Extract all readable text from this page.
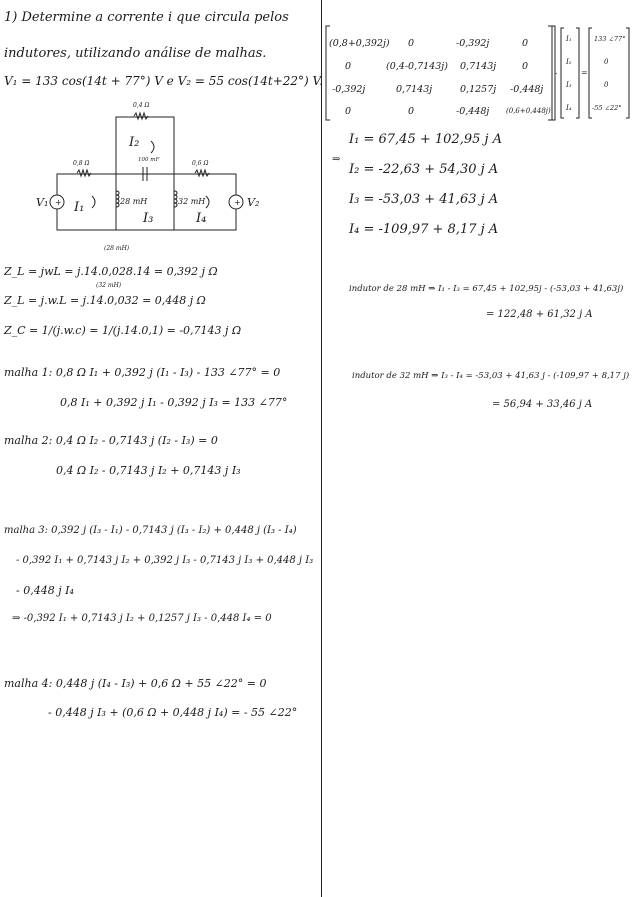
1) Determine a corrente i que circula pelos
indutores, utilizando análise de malhas.
V₁ = 133 cos(14t + 77°) V e V₂ = 55 cos(14t+22°) V.
+	+
0,4 Ω
I₂
0,8 Ω	100 mF	0,6 Ω
V₁	V₂
I₁	28 mH	32 mH
I₃	I₄
(28 mH)
Z_L = jwL = j.14.0,028.14 = 0,392 j Ω
(32 mH)
Z_L = j.w.L = j.14.0,032 = 0,448 j Ω
Z_C = 1/(j.w.c) = 1/(j.14.0,1) = -0,7143 j Ω
malha 1: 0,8 Ω I₁ + 0,392 j (I₁ - I₃) - 133 ∠77° = 0
0,8 I₁ + 0,392 j I₁ - 0,392 j I₃ = 133 ∠77°
malha 2: 0,4 Ω I₂ - 0,7143 j (I₂ - I₃) = 0
0,4 Ω I₂ - 0,7143 j I₂ + 0,7143 j I₃
malha 3: 0,392 j (I₃ - I₁) - 0,7143 j (I₃ - I₂) + 0,448 j (I₃ - I₄)
- 0,392 I₁ + 0,7143 j I₂ + 0,392 j I₃ - 0,7143 j I₃ + 0,448 j I₃
- 0,448 j I₄
⇒ -0,392 I₁ + 0,7143 j I₂ + 0,1257 j I₃ - 0,448 I₄ = 0
malha 4: 0,448 j (I₄ - I₃) + 0,6 Ω + 55 ∠22° = 0
- 0,448 j I₃ + (0,6 Ω + 0,448 j I₄) = - 55 ∠22°
=
.
(0,8+0,392j) 0	-0,392j	0
0	(0,4-0,7143j) 0,7143j	0
-0,392j	0,7143j	0,1257j -0,448j
0	0	-0,448j (0,6+0,448j)
I₁
I₂
I₃
I₄
133 ∠77°
0
0
-55 ∠22°
⇒
I₁ = 67,45 + 102,95 j A
I₂ = -22,63 + 54,30 j A
I₃ = -53,03 + 41,63 j A
I₄ = -109,97 + 8,17 j A
indutor de 28 mH ⇒ I₁ - I₃ = 67,45 + 102,95j - (-53,03 + 41,63j)
= 122,48 + 61,32 j A
indutor de 32 mH ⇒ I₃ - I₄ = -53,03 + 41,63 j - (-109,97 + 8,17 j)
= 56,94 + 33,46 j A
